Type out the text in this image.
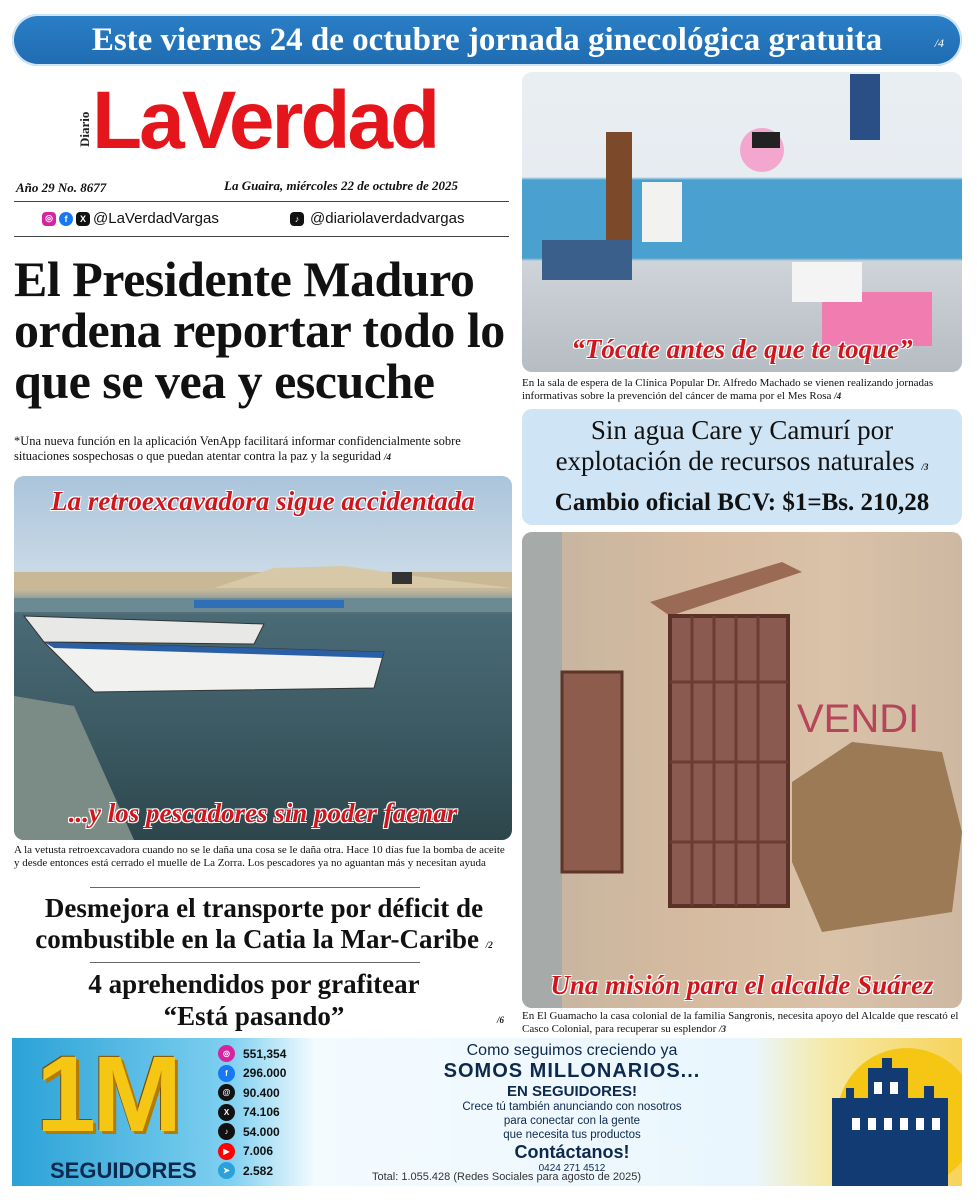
Este viernes 24 de octubre jornada ginecológica gratuita	/4
Diario LaVerdad
Año 29 No. 8677	La Guaira, miércoles 22 de octubre de 2025
◎	f	X @LaVerdadVargas	♪ @diariolaverdadvargas
El Presidente Maduro ordena reportar todo lo que se vea y escuche
*Una nueva función en la aplicación VenApp facilitará informar confidencialmente sobre situaciones sospechosas o que puedan atentar contra la paz y la seguridad /4
La retroexcavadora sigue accidentada
...y los pescadores sin poder faenar

A la vetusta retroexcavadora cuando no se le daña una cosa se le daña otra. Hace 10 días fue la bomba de aceite y desde entonces está cerrado el muelle de La Zorra. Los pescadores ya no aguantan más y necesitan ayuda

Desmejora el transporte por déficit de combustible en la Catia la Mar-Caribe /2
4 aprehendidos por grafitear
“Está pasando”	/6
“Tócate antes de que te toque”

En la sala de espera de la Clínica Popular Dr. Alfredo Machado se vienen realizando jornadas informativas sobre la prevención del cáncer de mama por el Mes Rosa /4

Sin agua Care y Camurí por
explotación de recursos naturales /3
Cambio oficial BCV: $1=Bs. 210,28
VENDI
Una misión para el alcalde Suárez

En El Guamacho la casa colonial de la familia Sangronis, necesita apoyo del Alcalde que rescató el Casco Colonial, para recuperar su esplendor /3

1M
SEGUIDORES
◎	551,354
f	296.000
@	90.400
X	74.106
♪	54.000
▶	7.006
➤	2.582
Como seguimos creciendo ya
SOMOS MILLONARIOS...
EN SEGUIDORES!
Crece tú también anunciando con nosotros
para conectar con la gente
que necesita tus productos
Contáctanos!
0424 271 4512
Total: 1.055.428 (Redes Sociales para agosto de 2025)
